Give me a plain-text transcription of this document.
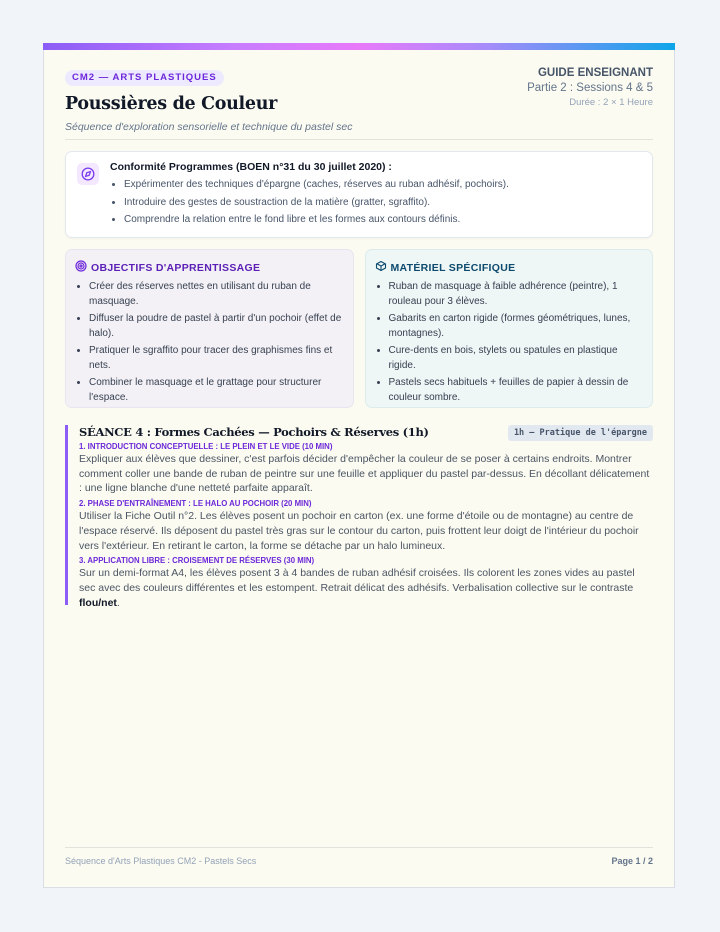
CM2 — ARTS PLASTIQUES
Poussières de Couleur
Séquence d'exploration sensorielle et technique du pastel sec
GUIDE ENSEIGNANT
Partie 2 : Sessions 4 & 5
Durée : 2 × 1 Heure
Conformité Programmes (BOEN n°31 du 30 juillet 2020) :
• Expérimenter des techniques d'épargne (caches, réserves au ruban adhésif, pochoirs).
• Introduire des gestes de soustraction de la matière (gratter, sgraffito).
• Comprendre la relation entre le fond libre et les formes aux contours définis.
OBJECTIFS D'APPRENTISSAGE
• Créer des réserves nettes en utilisant du ruban de masquage.
• Diffuser la poudre de pastel à partir d'un pochoir (effet de halo).
• Pratiquer le sgraffito pour tracer des graphismes fins et nets.
• Combiner le masquage et le grattage pour structurer l'espace.
MATÉRIEL SPÉCIFIQUE
• Ruban de masquage à faible adhérence (peintre), 1 rouleau pour 3 élèves.
• Gabarits en carton rigide (formes géométriques, lunes, montagnes).
• Cure-dents en bois, stylets ou spatules en plastique rigide.
• Pastels secs habituels + feuilles de papier à dessin de couleur sombre.
SÉANCE 4 : Formes Cachées — Pochoirs & Réserves (1h)	1h — Pratique de l'épargne
1. INTRODUCTION CONCEPTUELLE : LE PLEIN ET LE VIDE (10 MIN)
Expliquer aux élèves que dessiner, c'est parfois décider d'empêcher la couleur de se poser à certains endroits. Montrer comment coller une bande de ruban de peintre sur une feuille et appliquer du pastel par-dessus. En décollant délicatement : une ligne blanche d'une netteté parfaite apparaît.
2. PHASE D'ENTRAÎNEMENT : LE HALO AU POCHOIR (20 MIN)
Utiliser la Fiche Outil n°2. Les élèves posent un pochoir en carton (ex. une forme d'étoile ou de montagne) au centre de l'espace réservé. Ils déposent du pastel très gras sur le contour du carton, puis frottent leur doigt de l'intérieur du pochoir vers l'extérieur. En retirant le carton, la forme se détache par un halo lumineux.
3. APPLICATION LIBRE : CROISEMENT DE RÉSERVES (30 MIN)
Sur un demi-format A4, les élèves posent 3 à 4 bandes de ruban adhésif croisées. Ils colorent les zones vides au pastel sec avec des couleurs différentes et les estompent. Retrait délicat des adhésifs. Verbalisation collective sur le contraste flou/net.
Séquence d'Arts Plastiques CM2 - Pastels Secs	Page 1 / 2
